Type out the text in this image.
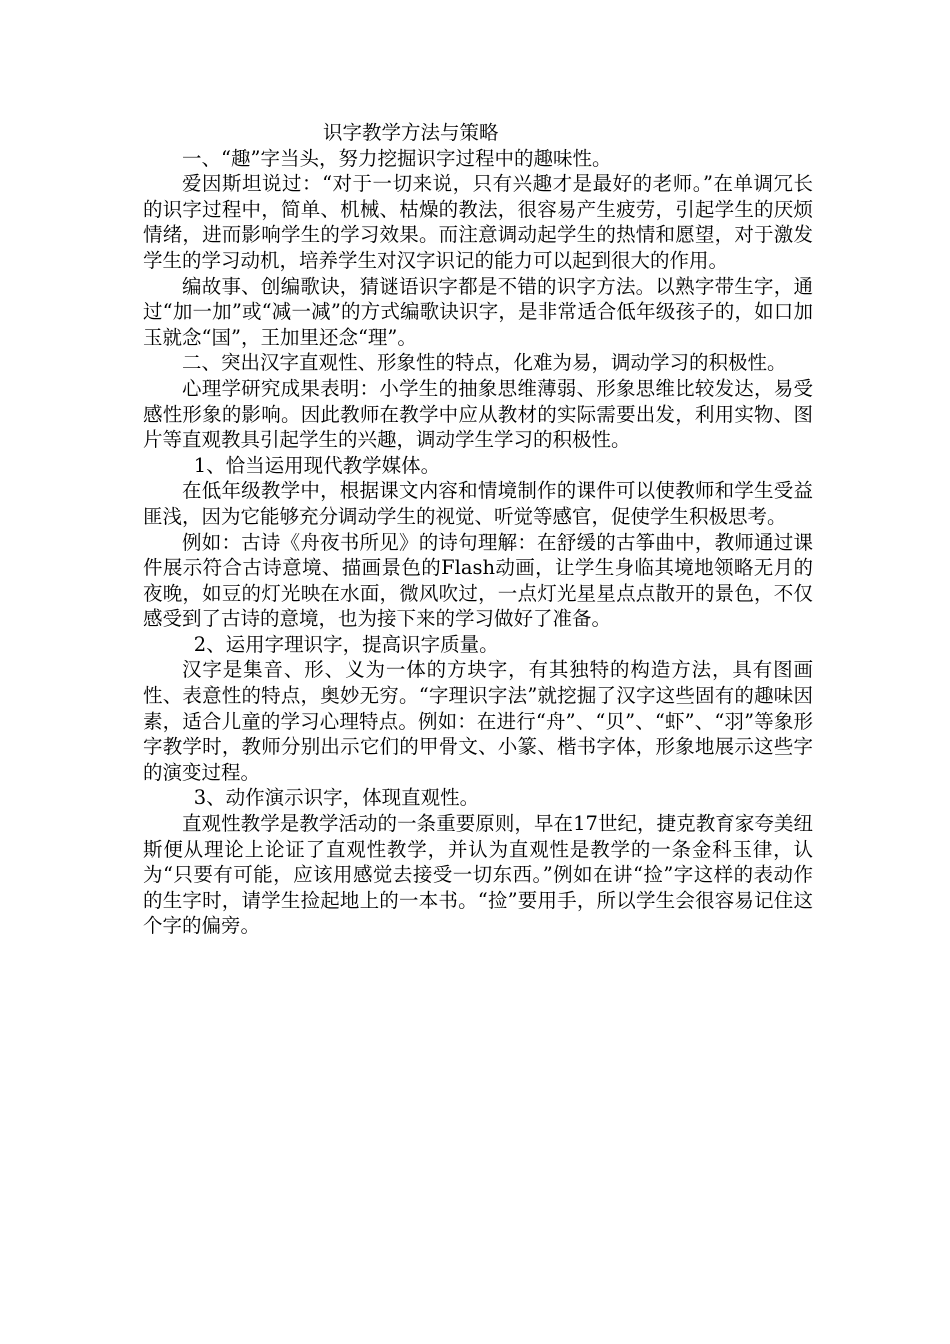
识字教学方法与策略

一、“趣”字当头，努力挖掘识字过程中的趣味性。

爱因斯坦说过：“对于一切来说，只有兴趣才是最好的老师。”在单调冗长的识字过程中，简单、机械、枯燥的教法，很容易产生疲劳，引起学生的厌烦情绪，进而影响学生的学习效果。而注意调动起学生的热情和愿望，对于激发学生的学习动机，培养学生对汉字识记的能力可以起到很大的作用。

编故事、创编歌诀，猜谜语识字都是不错的识字方法。以熟字带生字，通过“加一加”或“减一减”的方式编歌诀识字，是非常适合低年级孩子的，如口加玉就念“国”，王加里还念“理”。

二、突出汉字直观性、形象性的特点，化难为易，调动学习的积极性。

心理学研究成果表明：小学生的抽象思维薄弱、形象思维比较发达，易受感性形象的影响。因此教师在教学中应从教材的实际需要出发，利用实物、图片等直观教具引起学生的兴趣，调动学生学习的积极性。

1、恰当运用现代教学媒体。

在低年级教学中，根据课文内容和情境制作的课件可以使教师和学生受益匪浅，因为它能够充分调动学生的视觉、听觉等感官，促使学生积极思考。

例如：古诗《舟夜书所见》的诗句理解：在舒缓的古筝曲中，教师通过课件展示符合古诗意境、描画景色的Flash动画，让学生身临其境地领略无月的夜晚，如豆的灯光映在水面，微风吹过，一点灯光星星点点散开的景色，不仅感受到了古诗的意境，也为接下来的学习做好了准备。

2、运用字理识字，提高识字质量。

汉字是集音、形、义为一体的方块字，有其独特的构造方法，具有图画性、表意性的特点，奥妙无穷。“字理识字法”就挖掘了汉字这些固有的趣味因素，适合儿童的学习心理特点。例如：在进行“舟”、“贝”、“虾”、“羽”等象形字教学时，教师分别出示它们的甲骨文、小篆、楷书字体，形象地展示这些字的演变过程。

3、动作演示识字，体现直观性。

直观性教学是教学活动的一条重要原则，早在17世纪，捷克教育家夸美纽斯便从理论上论证了直观性教学，并认为直观性是教学的一条金科玉律，认为“只要有可能，应该用感觉去接受一切东西。”例如在讲“捡”字这样的表动作的生字时，请学生捡起地上的一本书。“捡”要用手，所以学生会很容易记住这个字的偏旁。
